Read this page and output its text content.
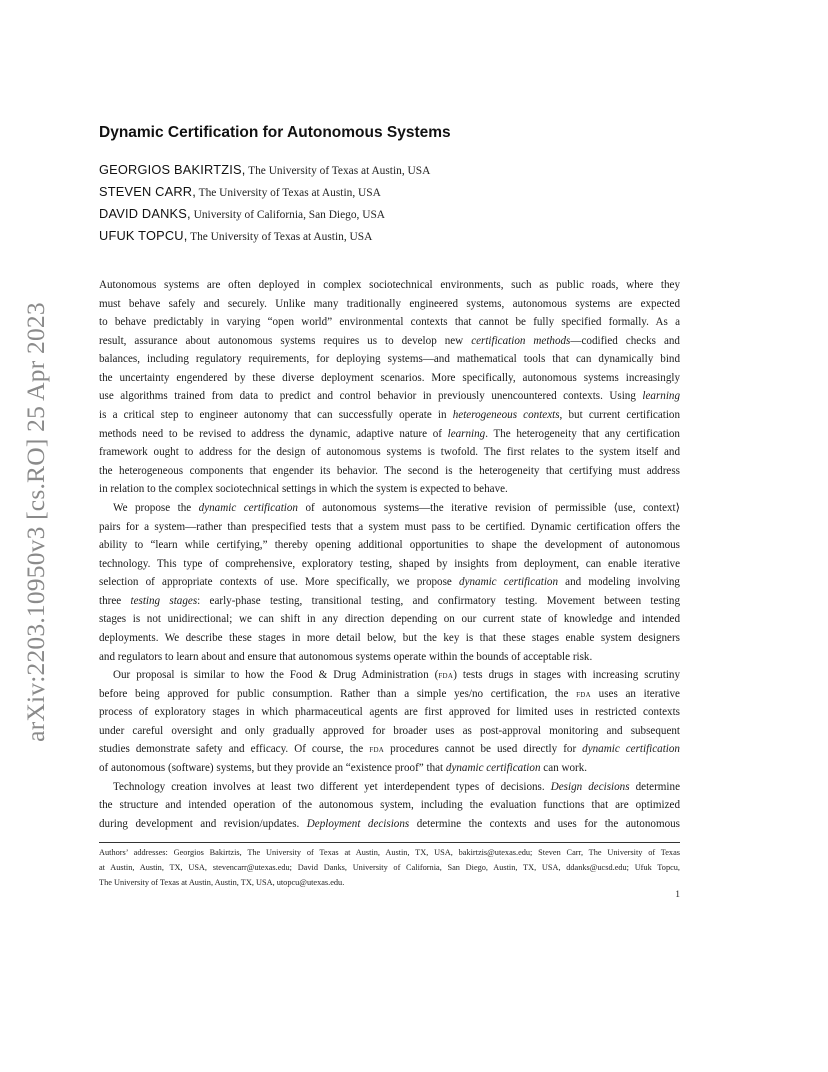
arXiv:2203.10950v3 [cs.RO] 25 Apr 2023
Dynamic Certification for Autonomous Systems
GEORGIOS BAKIRTZIS, The University of Texas at Austin, USA
STEVEN CARR, The University of Texas at Austin, USA
DAVID DANKS, University of California, San Diego, USA
UFUK TOPCU, The University of Texas at Austin, USA
Autonomous systems are often deployed in complex sociotechnical environments, such as public roads, where they
must behave safely and securely. Unlike many traditionally engineered systems, autonomous systems are expected
to behave predictably in varying “open world” environmental contexts that cannot be fully specified formally. As a
result, assurance about autonomous systems requires us to develop new certification methods—codified checks and
balances, including regulatory requirements, for deploying systems—and mathematical tools that can dynamically bind
the uncertainty engendered by these diverse deployment scenarios. More specifically, autonomous systems increasingly
use algorithms trained from data to predict and control behavior in previously unencountered contexts. Using learning
is a critical step to engineer autonomy that can successfully operate in heterogeneous contexts, but current certification
methods need to be revised to address the dynamic, adaptive nature of learning. The heterogeneity that any certification
framework ought to address for the design of autonomous systems is twofold. The first relates to the system itself and
the heterogeneous components that engender its behavior. The second is the heterogeneity that certifying must address
in relation to the complex sociotechnical settings in which the system is expected to behave.
We propose the dynamic certification of autonomous systems—the iterative revision of permissible ⟨use, context⟩
pairs for a system—rather than prespecified tests that a system must pass to be certified. Dynamic certification offers the
ability to “learn while certifying,” thereby opening additional opportunities to shape the development of autonomous
technology. This type of comprehensive, exploratory testing, shaped by insights from deployment, can enable iterative
selection of appropriate contexts of use. More specifically, we propose dynamic certification and modeling involving
three testing stages: early-phase testing, transitional testing, and confirmatory testing. Movement between testing
stages is not unidirectional; we can shift in any direction depending on our current state of knowledge and intended
deployments. We describe these stages in more detail below, but the key is that these stages enable system designers
and regulators to learn about and ensure that autonomous systems operate within the bounds of acceptable risk.
Our proposal is similar to how the Food & Drug Administration (fda) tests drugs in stages with increasing scrutiny
before being approved for public consumption. Rather than a simple yes/no certification, the fda uses an iterative
process of exploratory stages in which pharmaceutical agents are first approved for limited uses in restricted contexts
under careful oversight and only gradually approved for broader uses as post-approval monitoring and subsequent
studies demonstrate safety and efficacy. Of course, the fda procedures cannot be used directly for dynamic certification
of autonomous (software) systems, but they provide an “existence proof” that dynamic certification can work.
Technology creation involves at least two different yet interdependent types of decisions. Design decisions determine
the structure and intended operation of the autonomous system, including the evaluation functions that are optimized
during development and revision/updates. Deployment decisions determine the contexts and uses for the autonomous
Authors’ addresses: Georgios Bakirtzis, The University of Texas at Austin, Austin, TX, USA, bakirtzis@utexas.edu; Steven Carr, The University of Texas
at Austin, Austin, TX, USA, stevencarr@utexas.edu; David Danks, University of California, San Diego, Austin, TX, USA, ddanks@ucsd.edu; Ufuk Topcu,
The University of Texas at Austin, Austin, TX, USA, utopcu@utexas.edu.
1
